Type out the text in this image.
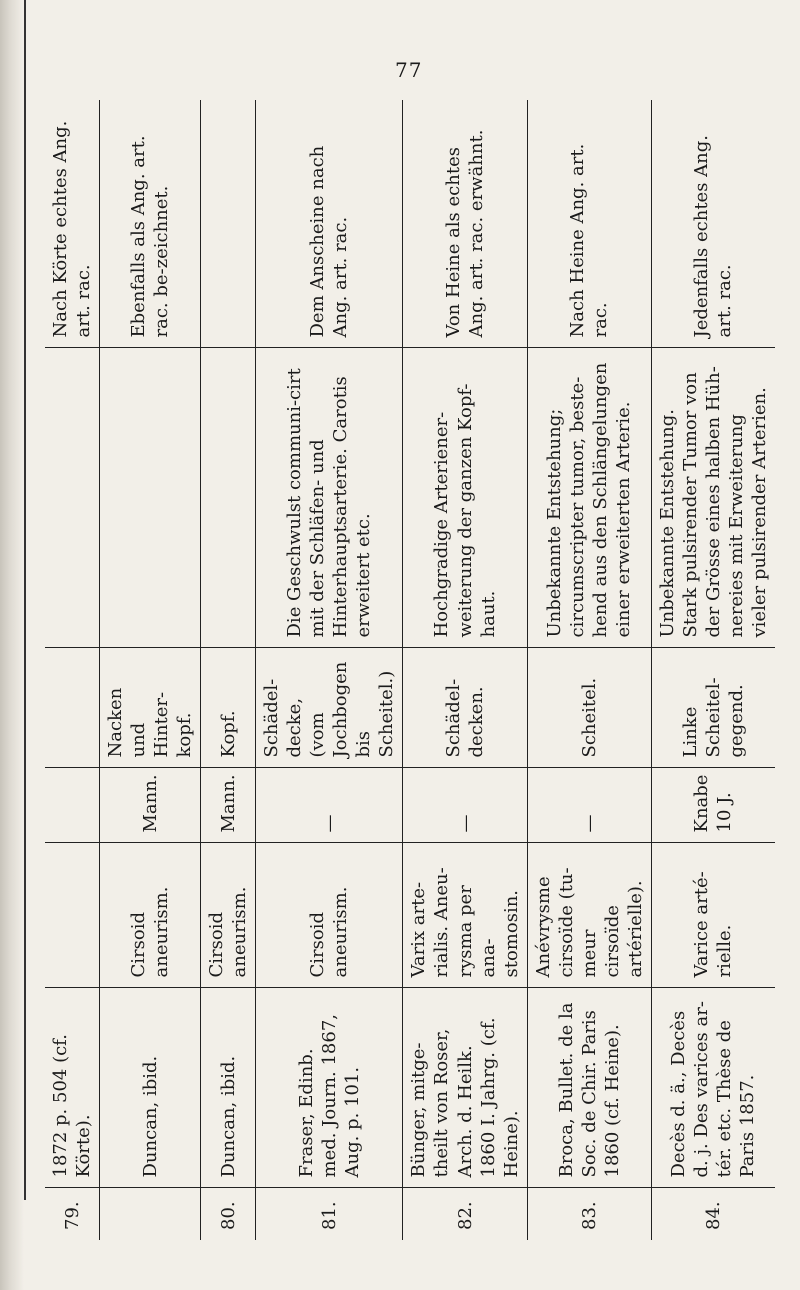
77
79.	1872 p. 504 (cf. Körte).					Nach Körte echtes Ang. art. rac.
	Duncan, ibid.	Cirsoid aneurism.	Mann.	Nacken und Hinter-kopf.		Ebenfalls als Ang. art. rac. be-zeichnet.
80.	Duncan, ibid.	Cirsoid aneurism.	Mann.	Kopf.		
81.	Fraser, Edinb. med. Journ. 1867, Aug. p. 101.	Cirsoid aneurism.	—	Schädel-decke, (vom Jochbogen bis Scheitel.)	Die Geschwulst communi-cirt mit der Schläfen- und Hinterhauptsarterie. Carotis erweitert etc.	Dem Anscheine nach Ang. art. rac.
82.	Bünger, mitge-theilt von Roser, Arch. d. Heilk. 1860 I. Jahrg. (cf. Heine).	Varix arte-rialis. Aneu-rysma per ana-stomosin.	—	Schädel-decken.	Hochgradige Arteriener-weiterung der ganzen Kopf-haut.	Von Heine als echtes Ang. art. rac. erwähnt.
83.	Broca, Bullet. de la Soc. de Chir. Paris 1860 (cf. Heine).	Anévrysme cirsoïde (tu-meur cirsoïde artérielle).	—	Scheitel.	Unbekannte Entstehung; circumscripter tumor, beste-hend aus den Schlängelungen einer erweiterten Arterie.	Nach Heine Ang. art. rac.
84.	Decès d. ä., Decès d. j. Des varices ar-tér. etc. Thèse de Paris 1857.	Varice arté-rielle.	Knabe 10 J.	Linke Scheitel-gegend.	Unbekannte Entstehung. Stark pulsirender Tumor von der Grösse eines halben Hüh-nereies mit Erweiterung vieler pulsirender Arterien.	Jedenfalls echtes Ang. art. rac.
